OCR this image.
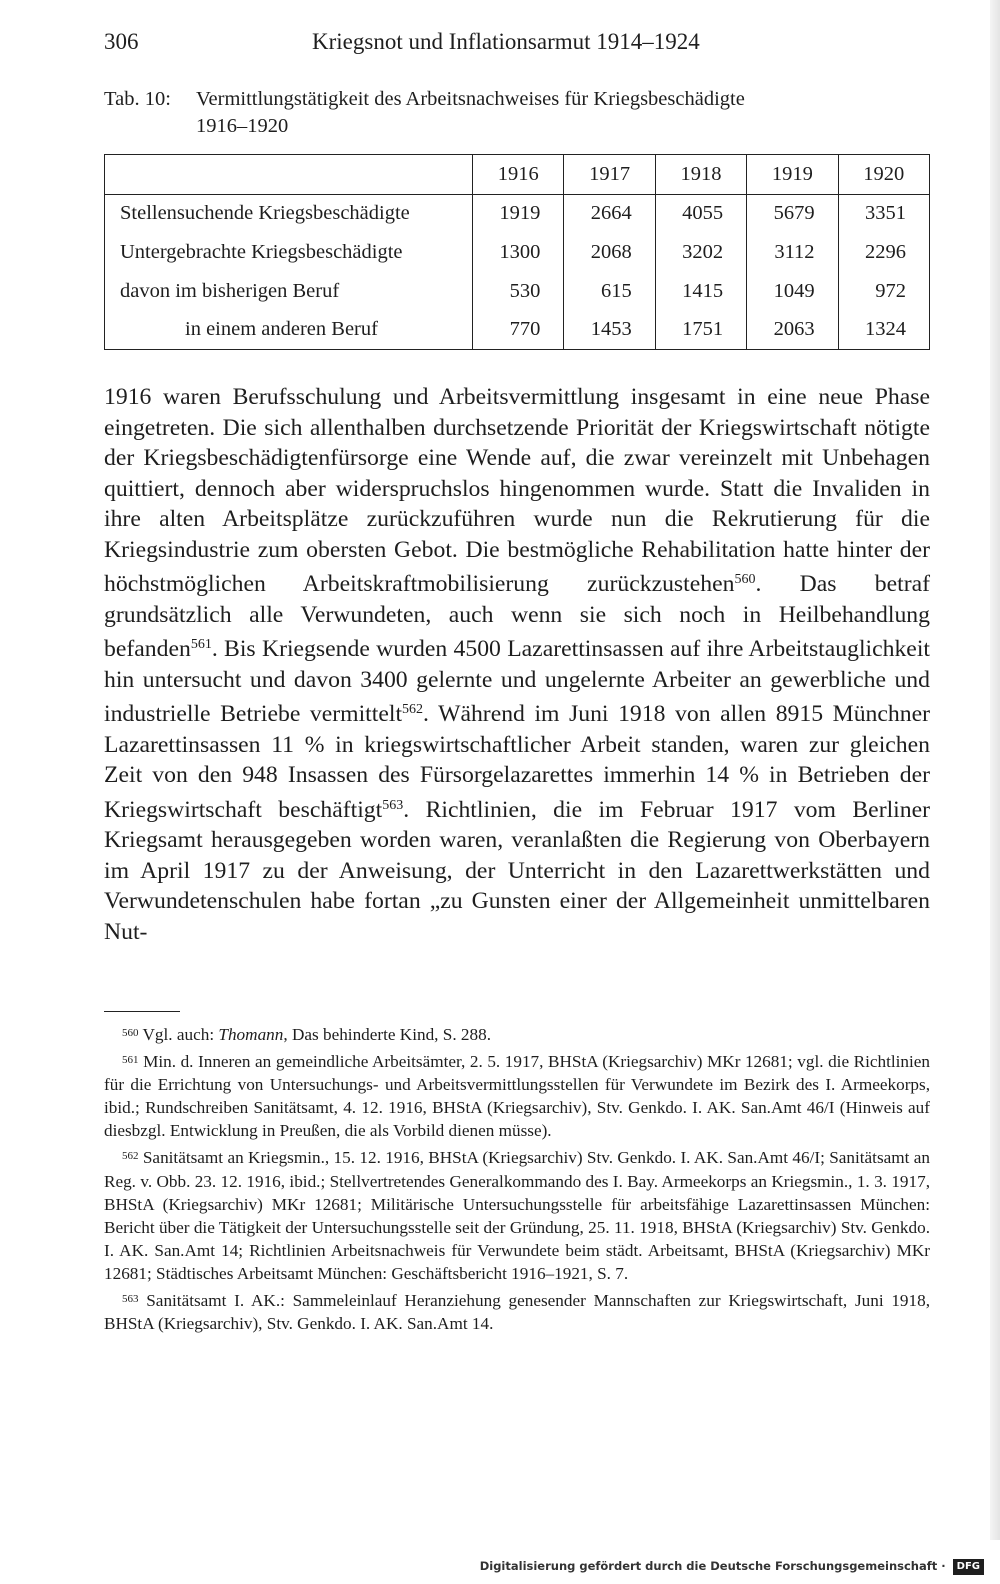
306	Kriegsnot und Inflationsarmut 1914–1924
Tab. 10: Vermittlungstätigkeit des Arbeitsnachweises für Kriegsbeschädigte
1916–1920
	1916	1917	1918	1919	1920
Stellensuchende Kriegsbeschädigte	1919	2664	4055	5679	3351
Untergebrachte Kriegsbeschädigte	1300	2068	3202	3112	2296
davon im bisherigen Beruf	530	615	1415	1049	972
in einem anderen Beruf	770	1453	1751	2063	1324

1916 waren Berufsschulung und Arbeitsvermittlung insgesamt in eine neue Phase eingetreten. Die sich allenthalben durchsetzende Priorität der Kriegswirtschaft nötigte der Kriegsbeschädigtenfürsorge eine Wende auf, die zwar vereinzelt mit Unbehagen quittiert, dennoch aber widerspruchslos hingenommen wurde. Statt die Invaliden in ihre alten Arbeitsplätze zurückzuführen wurde nun die Rekrutierung für die Kriegsindustrie zum obersten Gebot. Die bestmögliche Rehabilitation hatte hinter der höchstmöglichen Arbeitskraftmobilisierung zurückzustehen$^{560}$. Das betraf grundsätzlich alle Verwundeten, auch wenn sie sich noch in Heilbehandlung befanden$^{561}$. Bis Kriegsende wurden 4500 Lazarettinsassen auf ihre Arbeitstauglichkeit hin untersucht und davon 3400 gelernte und ungelernte Arbeiter an gewerbliche und industrielle Betriebe vermittelt$^{562}$. Während im Juni 1918 von allen 8915 Münchner Lazarettinsassen 11 % in kriegswirtschaftlicher Arbeit standen, waren zur gleichen Zeit von den 948 Insassen des Fürsorgelazarettes immerhin 14 % in Betrieben der Kriegswirtschaft beschäftigt$^{563}$. Richtlinien, die im Februar 1917 vom Berliner Kriegsamt herausgegeben worden waren, veranlaßten die Regierung von Oberbayern im April 1917 zu der Anweisung, der Unterricht in den Lazarettwerkstätten und Verwundetenschulen habe fortan „zu Gunsten einer der Allgemeinheit unmittelbaren Nut-

$^{560}$ Vgl. auch: Thomann, Das behinderte Kind, S. 288.

$^{561}$ Min. d. Inneren an gemeindliche Arbeitsämter, 2. 5. 1917, BHStA (Kriegsarchiv) MKr 12681; vgl. die Richtlinien für die Errichtung von Untersuchungs- und Arbeitsvermittlungsstellen für Verwundete im Bezirk des I. Armeekorps, ibid.; Rundschreiben Sanitätsamt, 4. 12. 1916, BHStA (Kriegsarchiv), Stv. Genkdo. I. AK. San.Amt 46/I (Hinweis auf diesbzgl. Entwicklung in Preußen, die als Vorbild dienen müsse).

$^{562}$ Sanitätsamt an Kriegsmin., 15. 12. 1916, BHStA (Kriegsarchiv) Stv. Genkdo. I. AK. San.Amt 46/I; Sanitätsamt an Reg. v. Obb. 23. 12. 1916, ibid.; Stellvertretendes Generalkommando des I. Bay. Armeekorps an Kriegsmin., 1. 3. 1917, BHStA (Kriegsarchiv) MKr 12681; Militärische Untersuchungsstelle für arbeitsfähige Lazarettinsassen München: Bericht über die Tätigkeit der Untersuchungsstelle seit der Gründung, 25. 11. 1918, BHStA (Kriegsarchiv) Stv. Genkdo. I. AK. San.Amt 14; Richtlinien Arbeitsnachweis für Verwundete beim städt. Arbeitsamt, BHStA (Kriegsarchiv) MKr 12681; Städtisches Arbeitsamt München: Geschäftsbericht 1916–1921, S. 7.

$^{563}$ Sanitätsamt I. AK.: Sammeleinlauf Heranziehung genesender Mannschaften zur Kriegswirtschaft, Juni 1918, BHStA (Kriegsarchiv), Stv. Genkdo. I. AK. San.Amt 14.

Digitalisierung gefördert durch die Deutsche Forschungsgemeinschaft · DFG
